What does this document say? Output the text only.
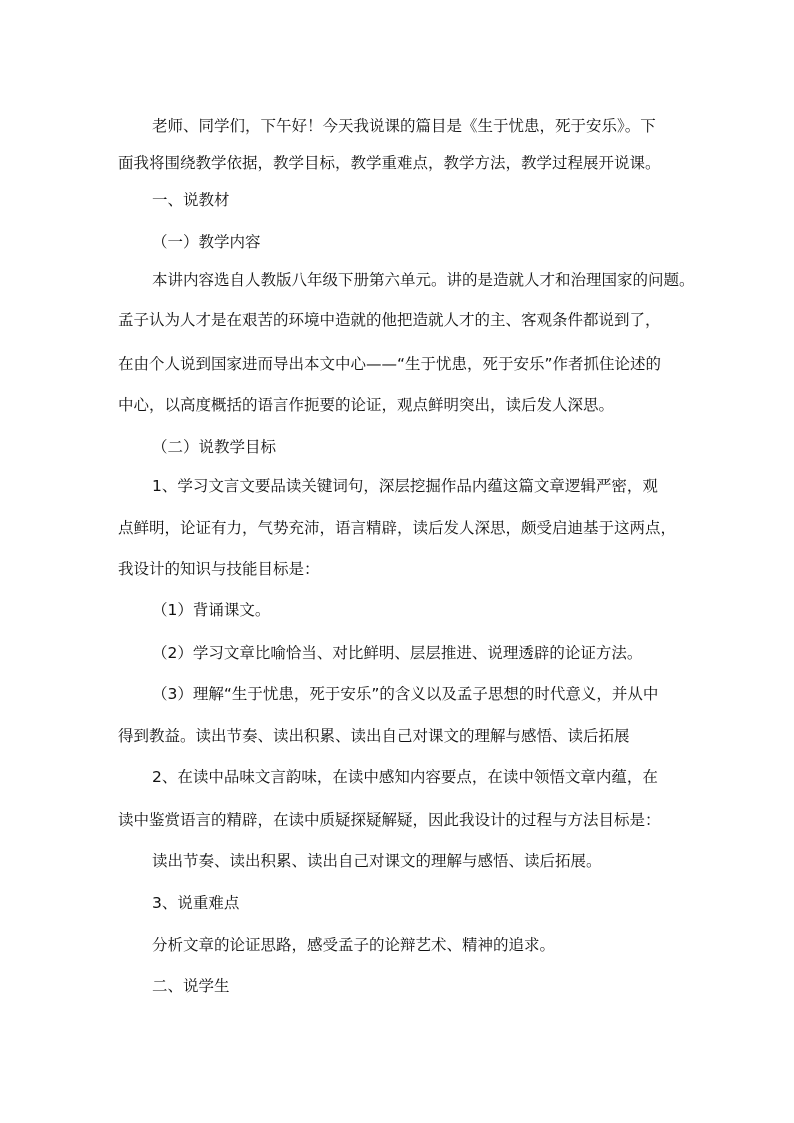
老师、同学们，下午好！今天我说课的篇目是《生于忧患，死于安乐》。下
面我将围绕教学依据，教学目标，教学重难点，教学方法，教学过程展开说课。
一、说教材
（一）教学内容
本讲内容选自人教版八年级下册第六单元。讲的是造就人才和治理国家的问题。
孟子认为人才是在艰苦的环境中造就的他把造就人才的主、客观条件都说到了，
在由个人说到国家进而导出本文中心——“生于忧患，死于安乐”作者抓住论述的
中心，以高度概括的语言作扼要的论证，观点鲜明突出，读后发人深思。
（二）说教学目标
1、学习文言文要品读关键词句，深层挖掘作品内蕴这篇文章逻辑严密，观
点鲜明，论证有力，气势充沛，语言精辟，读后发人深思，颇受启迪基于这两点，
我设计的知识与技能目标是：
（1）背诵课文。
（2）学习文章比喻恰当、对比鲜明、层层推进、说理透辟的论证方法。
（3）理解“生于忧患，死于安乐”的含义以及孟子思想的时代意义，并从中
得到教益。读出节奏、读出积累、读出自己对课文的理解与感悟、读后拓展
2、在读中品味文言韵味，在读中感知内容要点，在读中领悟文章内蕴，在
读中鉴赏语言的精辟，在读中质疑探疑解疑，因此我设计的过程与方法目标是：
读出节奏、读出积累、读出自己对课文的理解与感悟、读后拓展。
3、说重难点
分析文章的论证思路，感受孟子的论辩艺术、精神的追求。
二、说学生
